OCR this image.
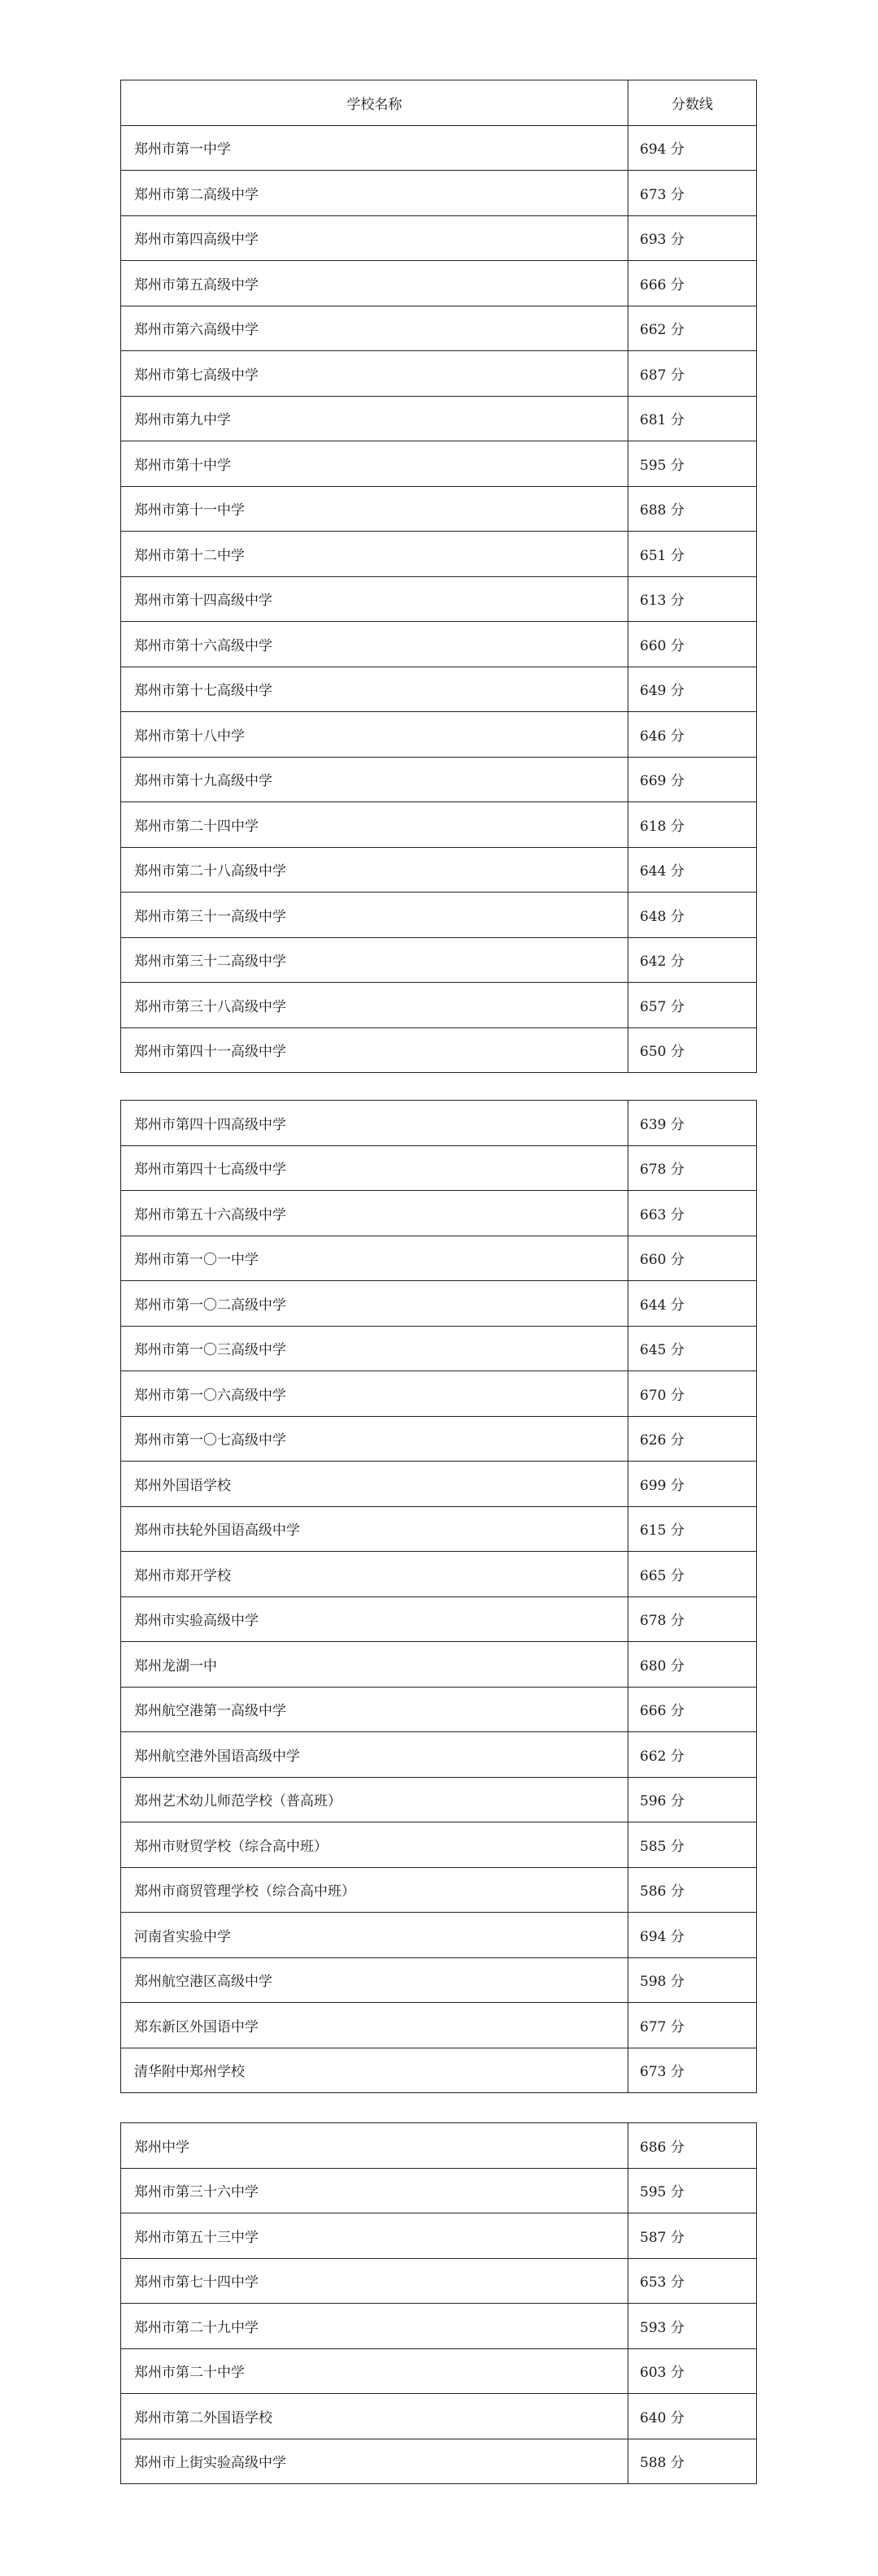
学校名称	分数线
郑州市第一中学	694 分
郑州市第二高级中学	673 分
郑州市第四高级中学	693 分
郑州市第五高级中学	666 分
郑州市第六高级中学	662 分
郑州市第七高级中学	687 分
郑州市第九中学	681 分
郑州市第十中学	595 分
郑州市第十一中学	688 分
郑州市第十二中学	651 分
郑州市第十四高级中学	613 分
郑州市第十六高级中学	660 分
郑州市第十七高级中学	649 分
郑州市第十八中学	646 分
郑州市第十九高级中学	669 分
郑州市第二十四中学	618 分
郑州市第二十八高级中学	644 分
郑州市第三十一高级中学	648 分
郑州市第三十二高级中学	642 分
郑州市第三十八高级中学	657 分
郑州市第四十一高级中学	650 分
郑州市第四十四高级中学	639 分
郑州市第四十七高级中学	678 分
郑州市第五十六高级中学	663 分
郑州市第一〇一中学	660 分
郑州市第一〇二高级中学	644 分
郑州市第一〇三高级中学	645 分
郑州市第一〇六高级中学	670 分
郑州市第一〇七高级中学	626 分
郑州外国语学校	699 分
郑州市扶轮外国语高级中学	615 分
郑州市郑开学校	665 分
郑州市实验高级中学	678 分
郑州龙湖一中	680 分
郑州航空港第一高级中学	666 分
郑州航空港外国语高级中学	662 分
郑州艺术幼儿师范学校（普高班）	596 分
郑州市财贸学校（综合高中班）	585 分
郑州市商贸管理学校（综合高中班）	586 分
河南省实验中学	694 分
郑州航空港区高级中学	598 分
郑东新区外国语中学	677 分
清华附中郑州学校	673 分
郑州中学	686 分
郑州市第三十六中学	595 分
郑州市第五十三中学	587 分
郑州市第七十四中学	653 分
郑州市第二十九中学	593 分
郑州市第二十中学	603 分
郑州市第二外国语学校	640 分
郑州市上街实验高级中学	588 分
